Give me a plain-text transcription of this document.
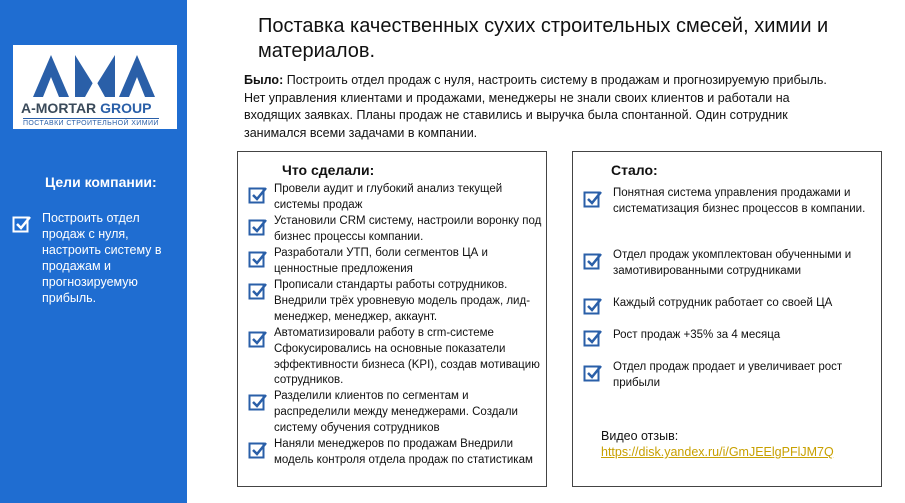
A-MORTAR GROUP
ПОСТАВКИ СТРОИТЕЛЬНОЙ ХИМИИ
Цели компании:
Построить отдел продаж с нуля, настроить систему в продажам и прогнозируемую прибыль.
Поставка качественных сухих строительных смесей, химии и материалов.
Было: Построить отдел продаж с нуля, настроить систему в продажам и прогнозируемую прибыль. Нет управления клиентами и продажами, менеджеры не знали своих клиентов и работали на входящих заявках. Планы продаж не ставились и выручка была спонтанной. Один сотрудник занимался всеми задачами в компании.
Что сделали:
Провели аудит и глубокий анализ текущей системы продаж
Установили CRM систему, настроили воронку под бизнес процессы компании.
Разработали УТП, боли сегментов ЦА и ценностные предложения
Прописали стандарты работы сотрудников. Внедрили трёх уровневую модель продаж, лид-менеджер, менеджер, аккаунт.
Автоматизировали работу в crm-системе Сфокусировались на основные показатели эффективности бизнеса (KPI), создав мотивацию сотрудников.
Разделили клиентов по сегментам и распределили между менеджерами. Создали систему обучения сотрудников
Наняли менеджеров по продажам Внедрили модель контроля отдела продаж по статистикам
Стало:
Понятная система управления продажами и систематизация бизнес процессов в компании.
Отдел продаж укомплектован обученными и замотивированными сотрудниками
Каждый сотрудник работает со своей ЦА
Рост продаж +35% за 4 месяца
Отдел продаж продает и увеличивает рост прибыли
Видео отзыв:
https://disk.yandex.ru/i/GmJEElgPFlJM7Q
